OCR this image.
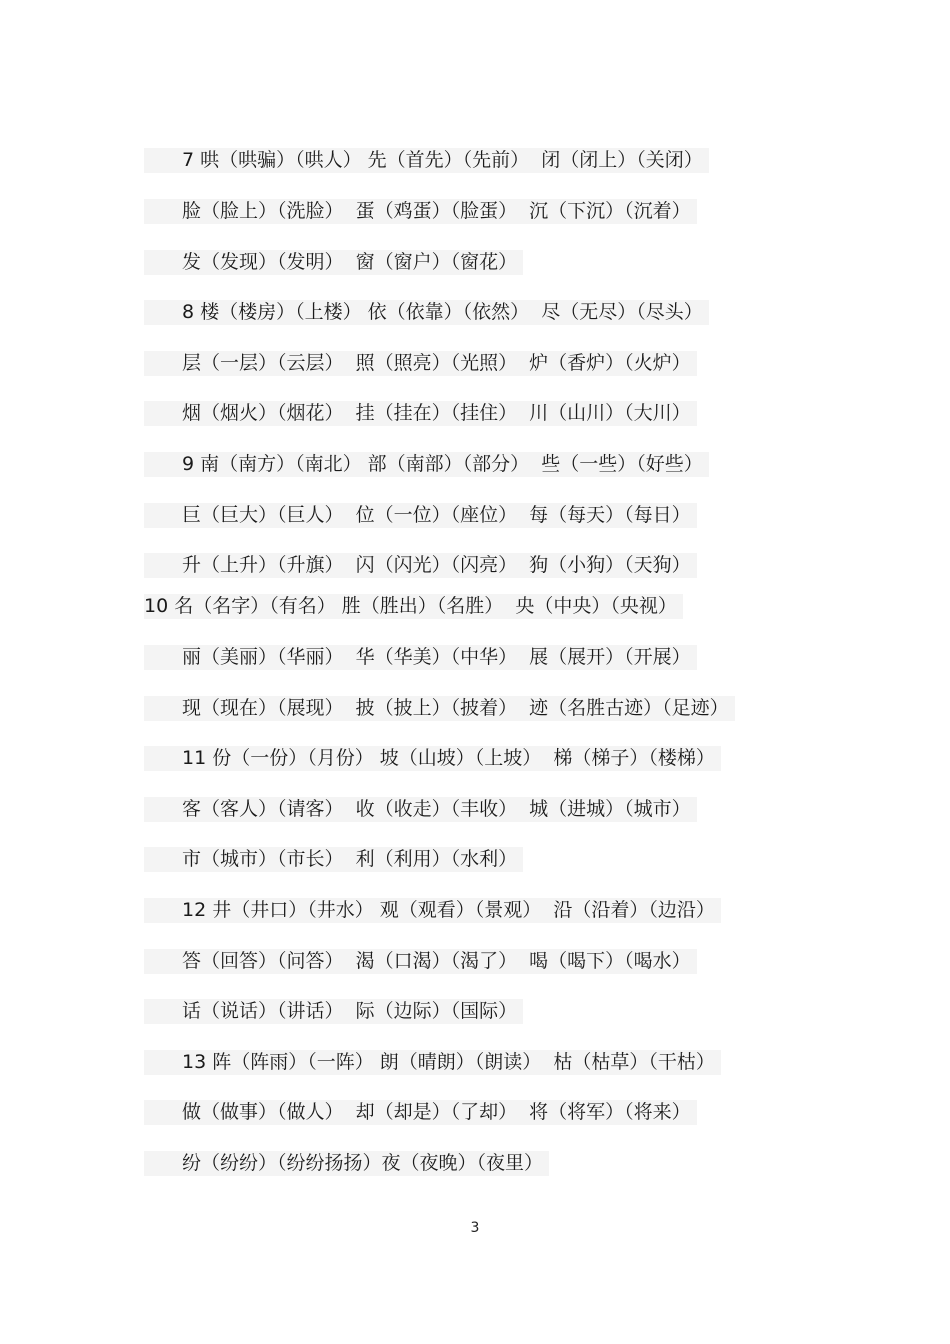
7 哄（哄骗）（哄人） 先（首先）（先前）  闭（闭上）（关闭）
脸（脸上）（洗脸）  蛋（鸡蛋）（脸蛋）  沉（下沉）（沉着）
发（发现）（发明）  窗（窗户）（窗花）
8 楼（楼房）（上楼） 依（依靠）（依然）  尽（无尽）（尽头）
层（一层）（云层）  照（照亮）（光照）  炉（香炉）（火炉）
烟（烟火）（烟花）  挂（挂在）（挂住）  川（山川）（大川）
9 南（南方）（南北） 部（南部）（部分）  些（一些）（好些）
巨（巨大）（巨人）  位（一位）（座位）  每（每天）（每日）
升（上升）（升旗）  闪（闪光）（闪亮）  狗（小狗）（天狗）
10 名（名字）（有名） 胜（胜出）（名胜）  央（中央）（央视）
丽（美丽）（华丽）  华（华美）（中华）  展（展开）（开展）
现（现在）（展现）  披（披上）（披着）  迹（名胜古迹）（足迹）
11 份（一份）（月份） 坡（山坡）（上坡）  梯（梯子）（楼梯）
客（客人）（请客）  收（收走）（丰收）  城（进城）（城市）
市（城市）（市长）  利（利用）（水利）
12 井（井口）（井水） 观（观看）（景观）  沿（沿着）（边沿）
答（回答）（问答）  渴（口渴）（渴了）  喝（喝下）（喝水）
话（说话）（讲话）  际（边际）（国际）
13 阵（阵雨）（一阵） 朗（晴朗）（朗读）  枯（枯草）（干枯）
做（做事）（做人）  却（却是）（了却）  将（将军）（将来）
纷（纷纷）（纷纷扬扬）夜（夜晚）（夜里）
3
